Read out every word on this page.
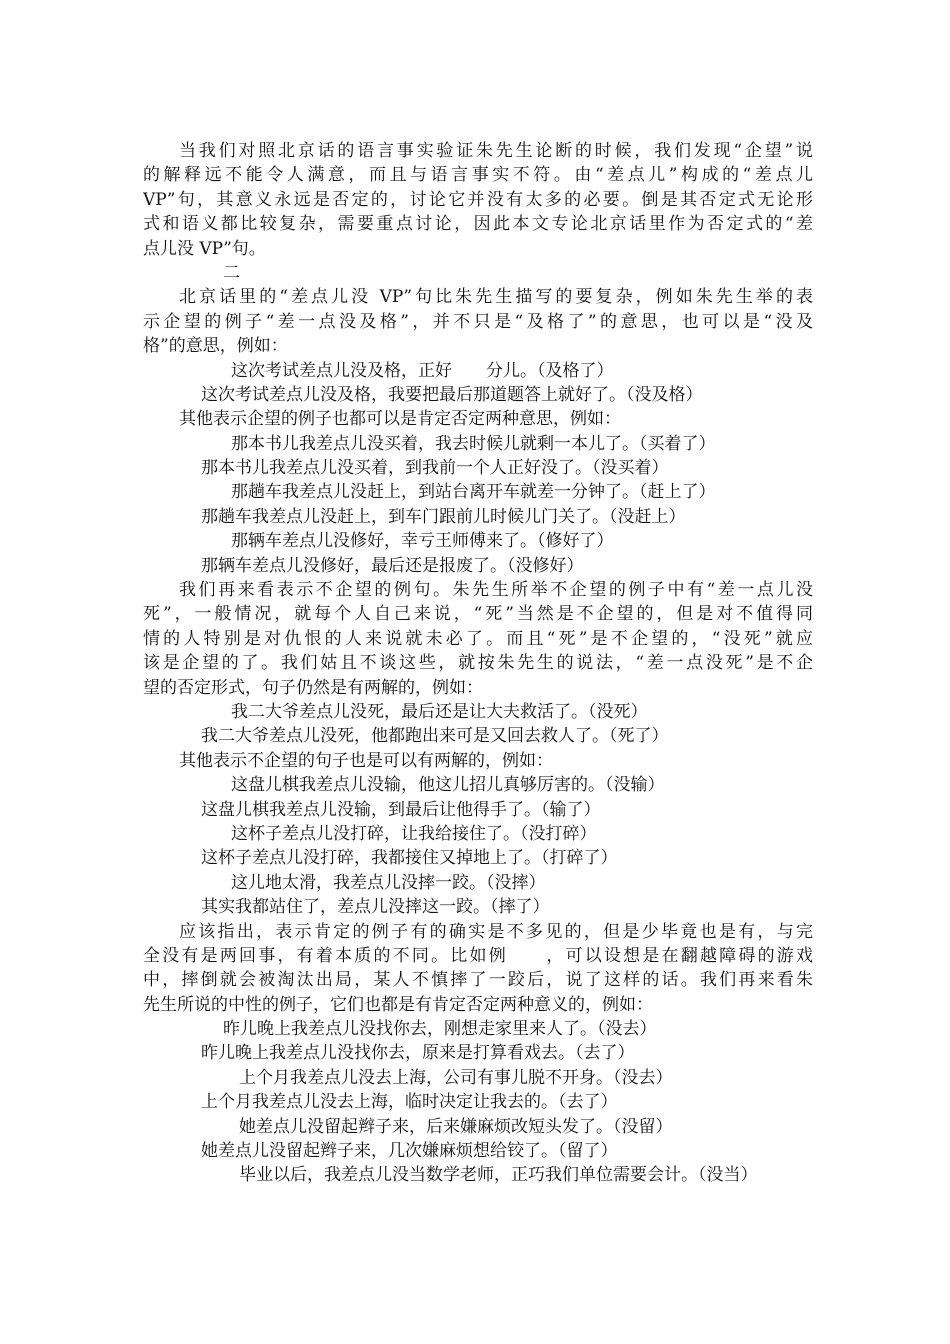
当我们对照北京话的语言事实验证朱先生论断的时候，我们发现“企望”说
的解释远不能令人满意，而且与语言事实不符。由“差点儿”构成的“差点儿
VP”句，其意义永远是否定的，讨论它并没有太多的必要。倒是其否定式无论形
式和语义都比较复杂，需要重点讨论，因此本文专论北京话里作为否定式的“差
点儿没 VP”句。
二
北京话里的“差点儿没 VP”句比朱先生描写的要复杂，例如朱先生举的表
示企望的例子“差一点没及格”，并不只是“及格了”的意思，也可以是“没及
格”的意思，例如：
这次考试差点儿没及格，正好　　分儿。（及格了）
这次考试差点儿没及格，我要把最后那道题答上就好了。（没及格）
其他表示企望的例子也都可以是肯定否定两种意思，例如：
那本书儿我差点儿没买着，我去时候儿就剩一本儿了。（买着了）
那本书儿我差点儿没买着，到我前一个人正好没了。（没买着）
那趟车我差点儿没赶上，到站台离开车就差一分钟了。（赶上了）
那趟车我差点儿没赶上，到车门跟前儿时候儿门关了。（没赶上）
那辆车差点儿没修好，幸亏王师傅来了。（修好了）
那辆车差点儿没修好，最后还是报废了。（没修好）
我们再来看表示不企望的例句。朱先生所举不企望的例子中有“差一点儿没
死”，一般情况，就每个人自己来说，“死”当然是不企望的，但是对不值得同
情的人特别是对仇恨的人来说就未必了。而且“死”是不企望的，“没死”就应
该是企望的了。我们姑且不谈这些，就按朱先生的说法，“差一点没死”是不企
望的否定形式，句子仍然是有两解的，例如：
我二大爷差点儿没死，最后还是让大夫救活了。（没死）
我二大爷差点儿没死，他都跑出来可是又回去救人了。（死了）
其他表示不企望的句子也是可以有两解的，例如：
这盘儿棋我差点儿没输，他这儿招儿真够厉害的。（没输）
这盘儿棋我差点儿没输，到最后让他得手了。（输了）
这杯子差点儿没打碎，让我给接住了。（没打碎）
这杯子差点儿没打碎，我都接住又掉地上了。（打碎了）
这儿地太滑，我差点儿没摔一跤。（没摔）
其实我都站住了，差点儿没摔这一跤。（摔了）
应该指出，表示肯定的例子有的确实是不多见的，但是少毕竟也是有，与完
全没有是两回事，有着本质的不同。比如例　　，可以设想是在翻越障碍的游戏
中，摔倒就会被淘汰出局，某人不慎摔了一跤后，说了这样的话。我们再来看朱
先生所说的中性的例子，它们也都是有肯定否定两种意义的，例如：
昨儿晚上我差点儿没找你去，刚想走家里来人了。（没去）
昨儿晚上我差点儿没找你去，原来是打算看戏去。（去了）
上个月我差点儿没去上海，公司有事儿脱不开身。（没去）
上个月我差点儿没去上海，临时决定让我去的。（去了）
她差点儿没留起辫子来，后来嫌麻烦改短头发了。（没留）
她差点儿没留起辫子来，几次嫌麻烦想给铰了。（留了）
毕业以后，我差点儿没当数学老师，正巧我们单位需要会计。（没当）
